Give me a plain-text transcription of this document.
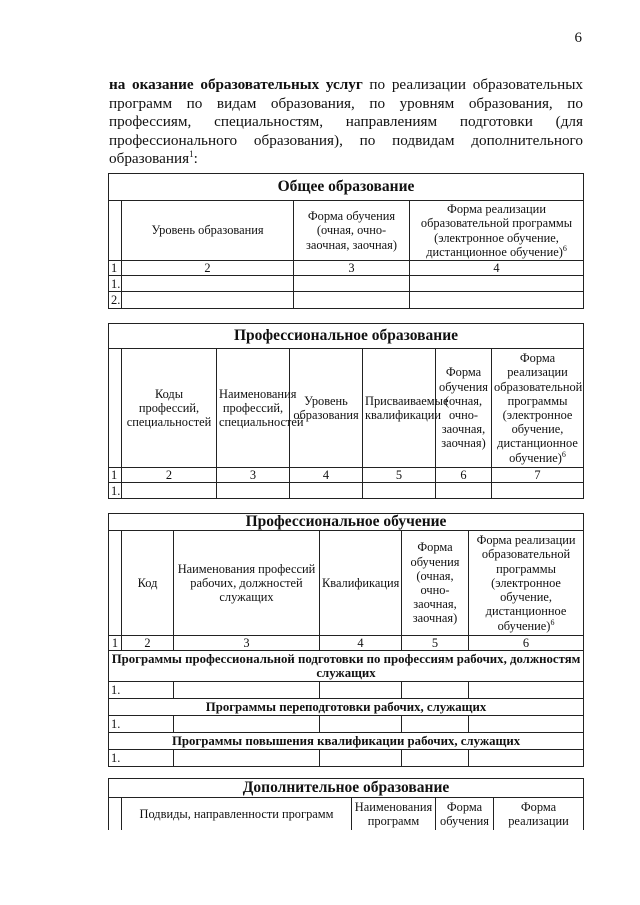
6
на оказание образовательных услуг по реализации образовательных программ по видам образования, по уровням образования, по профессиям, специальностям, направлениям подготовки (для профессионального образования), по подвидам дополнительного образования$^1$:
Общее образование			
	Уровень образования	Форма обучения (очная, очно-заочная, заочная)	Форма реализации образовательной программы (электронное обучение, дистанционное обучение)$^6$
1	2	3	4
1.			
2.			
Профессиональное образование						
	Коды профессий, специальностей	Наименования профессий, специальностей	Уровень образования	Присваиваемые квалификации	Форма обучения (очная, очно-заочная, заочная)	Форма реализации образовательной программы (электронное обучение, дистанционное обучение)$^6$
1	2	3	4	5	6	7
1.						
Профессиональное обучение					
	Код	Наименования профессий рабочих, должностей служащих	Квалификация	Форма обучения (очная, очно-заочная, заочная)	Форма реализации образовательной программы (электронное обучение, дистанционное обучение)$^6$
1	2	3	4	5	6
Программы профессиональной подготовки по профессиям рабочих, должностям служащих					
1.					
Программы переподготовки рабочих, служащих					
1.					
Программы повышения квалификации рабочих, служащих					
1.					
Дополнительное образование
	Подвиды, направленности программ	Наименования программ	Формa обучения	Форма реализации
